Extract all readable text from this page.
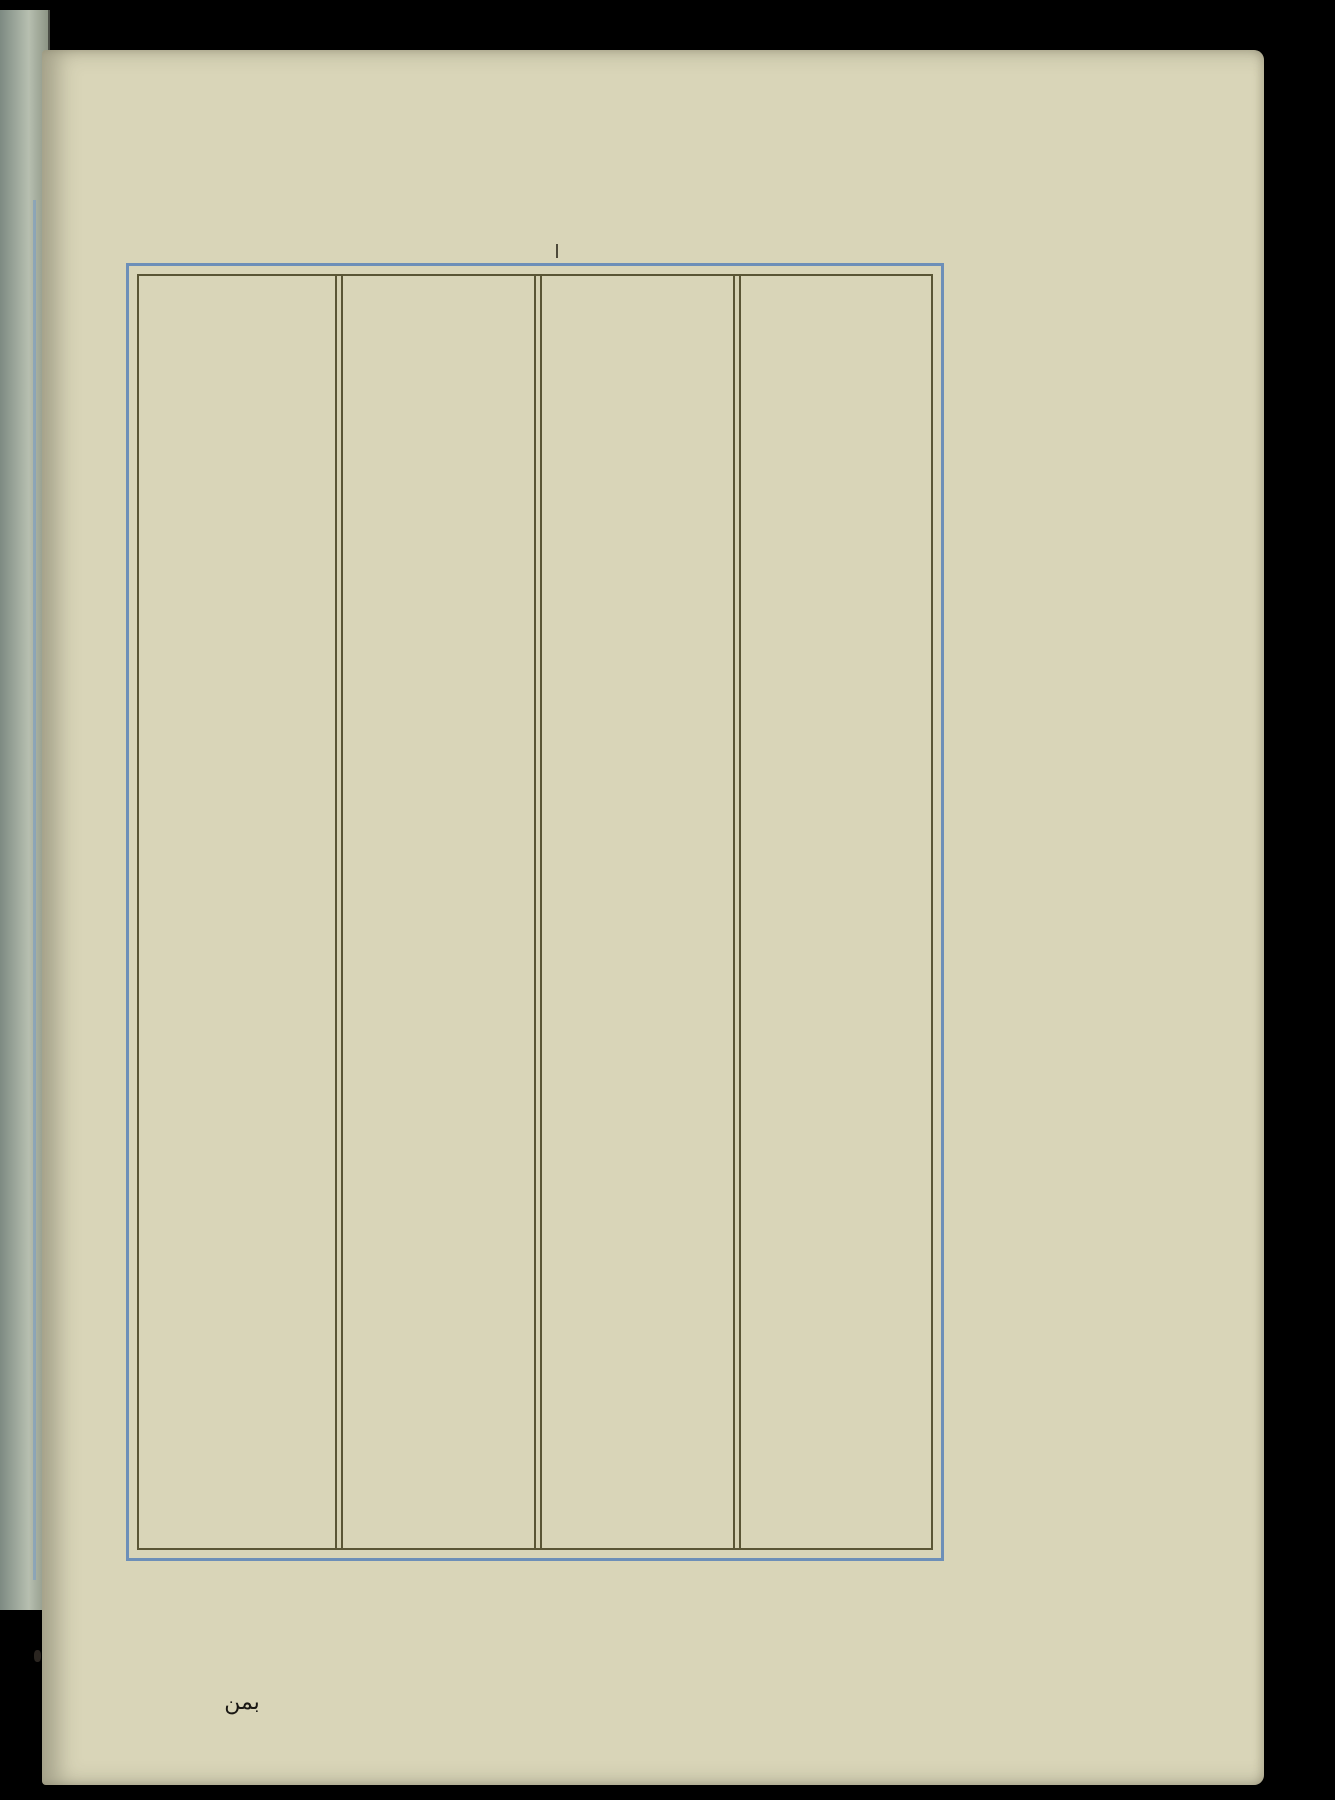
بمن
